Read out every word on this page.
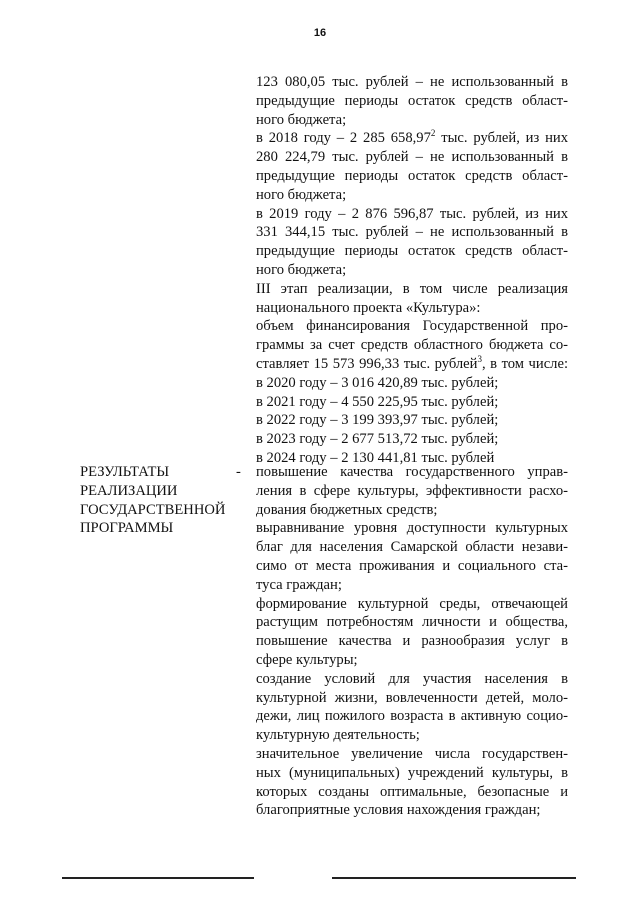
16

123 080,05 тыс. рублей – не использованный в

предыдущие периоды остаток средств област-

ного бюджета;

в 2018 году – 2 285 658,97$^2$ тыс. рублей, из них

280 224,79 тыс. рублей – не использованный в

предыдущие периоды остаток средств област-

ного бюджета;

в 2019 году – 2 876 596,87 тыс. рублей, из них

331 344,15 тыс. рублей – не использованный в

предыдущие периоды остаток средств област-

ного бюджета;

III этап реализации, в том числе реализация

национального проекта «Культура»:

объем финансирования Государственной про-

граммы за счет средств областного бюджета со-

ставляет 15 573 996,33 тыс. рублей$^3$, в том числе:

в 2020 году – 3 016 420,89 тыс. рублей;

в 2021 году – 4 550 225,95 тыс. рублей;

в 2022 году – 3 199 393,97 тыс. рублей;

в 2023 году – 2 677 513,72 тыс. рублей;

в 2024 году – 2 130 441,81 тыс. рублей

РЕЗУЛЬТАТЫ

РЕАЛИЗАЦИИ

ГОСУДАРСТВЕННОЙ

ПРОГРАММЫ

- повышение качества государственного управ-

ления в сфере культуры, эффективности расхо-

дования бюджетных средств;

выравнивание уровня доступности культурных

благ для населения Самарской области незави-

симо от места проживания и социального ста-

туса граждан;

формирование культурной среды, отвечающей

растущим потребностям личности и общества,

повышение качества и разнообразия услуг в

сфере культуры;

создание условий для участия населения в

культурной жизни, вовлеченности детей, моло-

дежи, лиц пожилого возраста в активную социо-

культурную деятельность;

значительное увеличение числа государствен-

ных (муниципальных) учреждений культуры, в

которых созданы оптимальные, безопасные и

благоприятные условия нахождения граждан;
